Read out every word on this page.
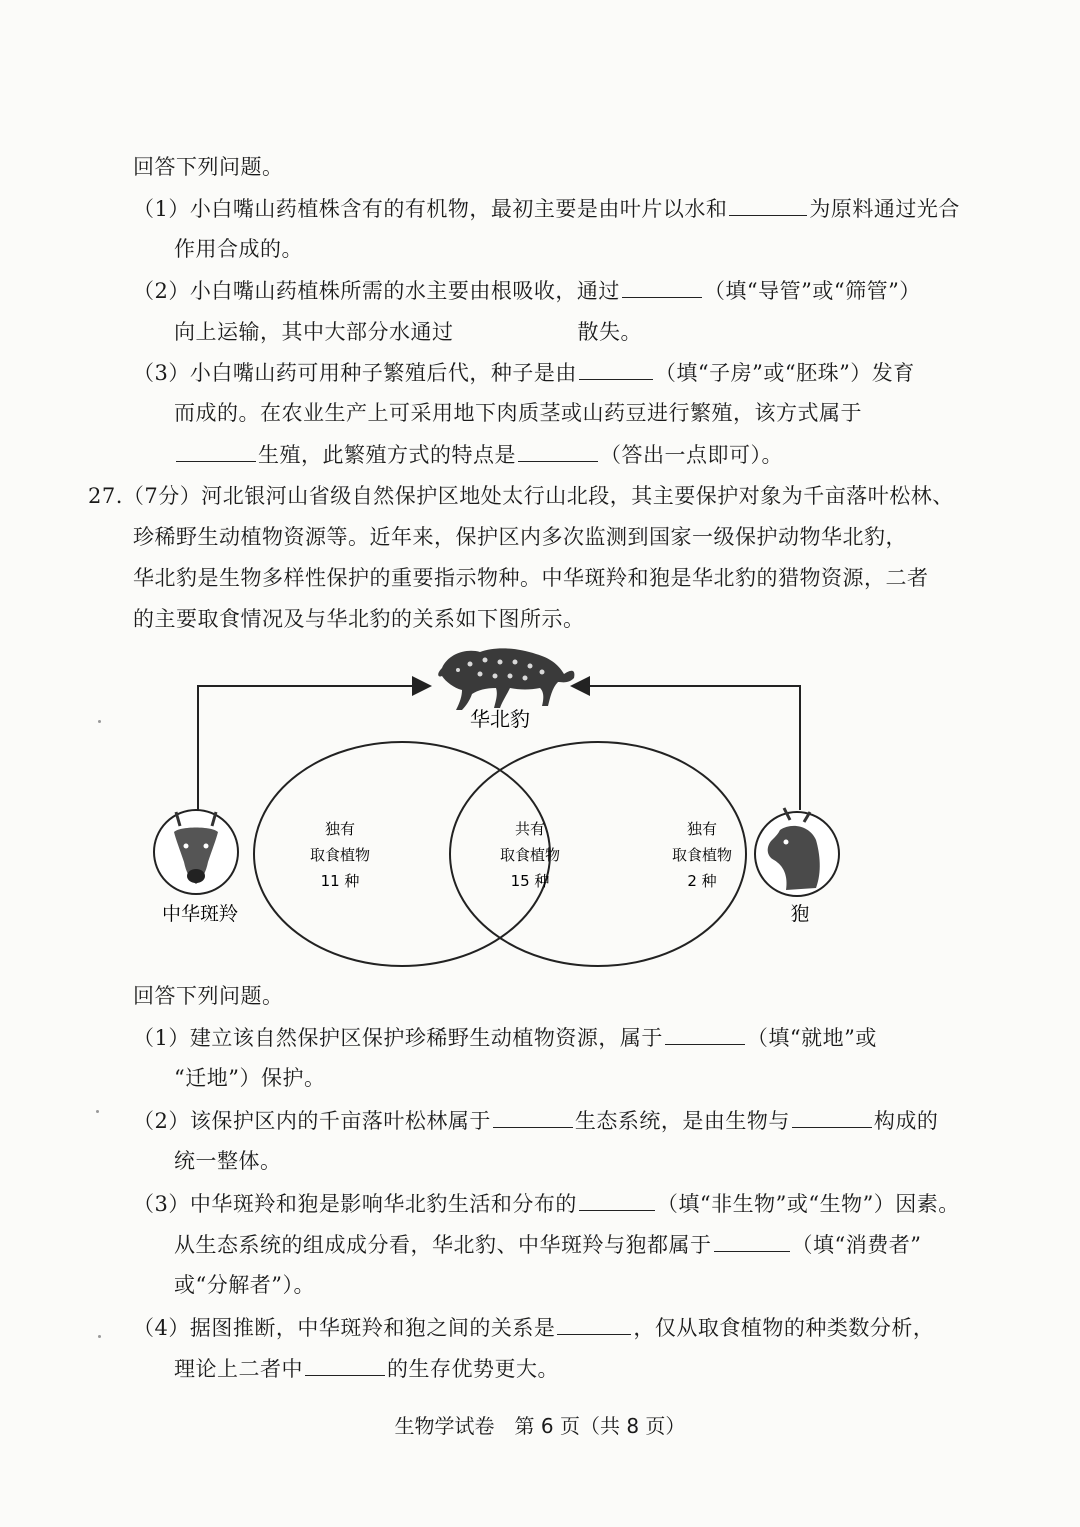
回答下列问题。
（1）小白嘴山药植株含有的有机物，最初主要是由叶片以水和	为原料通过光合
作用合成的。
（2）小白嘴山药植株所需的水主要由根吸收，通过	（填“导管”或“筛管”）
向上运输，其中大部分水通过	散失。
（3）小白嘴山药可用种子繁殖后代，种子是由	（填“子房”或“胚珠”）发育
而成的。在农业生产上可采用地下肉质茎或山药豆进行繁殖，该方式属于
生殖，此繁殖方式的特点是	（答出一点即可）。
27.（7分）河北银河山省级自然保护区地处太行山北段，其主要保护对象为千亩落叶松林、
珍稀野生动植物资源等。近年来，保护区内多次监测到国家一级保护动物华北豹，
华北豹是生物多样性保护的重要指示物种。中华斑羚和狍是华北豹的猎物资源，二者
的主要取食情况及与华北豹的关系如下图所示。
华北豹
独有
取食植物
11 种
共有
取食植物
15 种
独有
取食植物
2 种
中华斑羚	狍
回答下列问题。
（1）建立该自然保护区保护珍稀野生动植物资源，属于	（填“就地”或
“迁地”）保护。
（2）该保护区内的千亩落叶松林属于	生态系统，是由生物与	构成的
统一整体。
（3）中华斑羚和狍是影响华北豹生活和分布的	（填“非生物”或“生物”）因素。
从生态系统的组成成分看，华北豹、中华斑羚与狍都属于	（填“消费者”
或“分解者”）。
（4）据图推断，中华斑羚和狍之间的关系是	，仅从取食植物的种类数分析，
理论上二者中	的生存优势更大。
生物学试卷　第 6 页（共 8 页）
